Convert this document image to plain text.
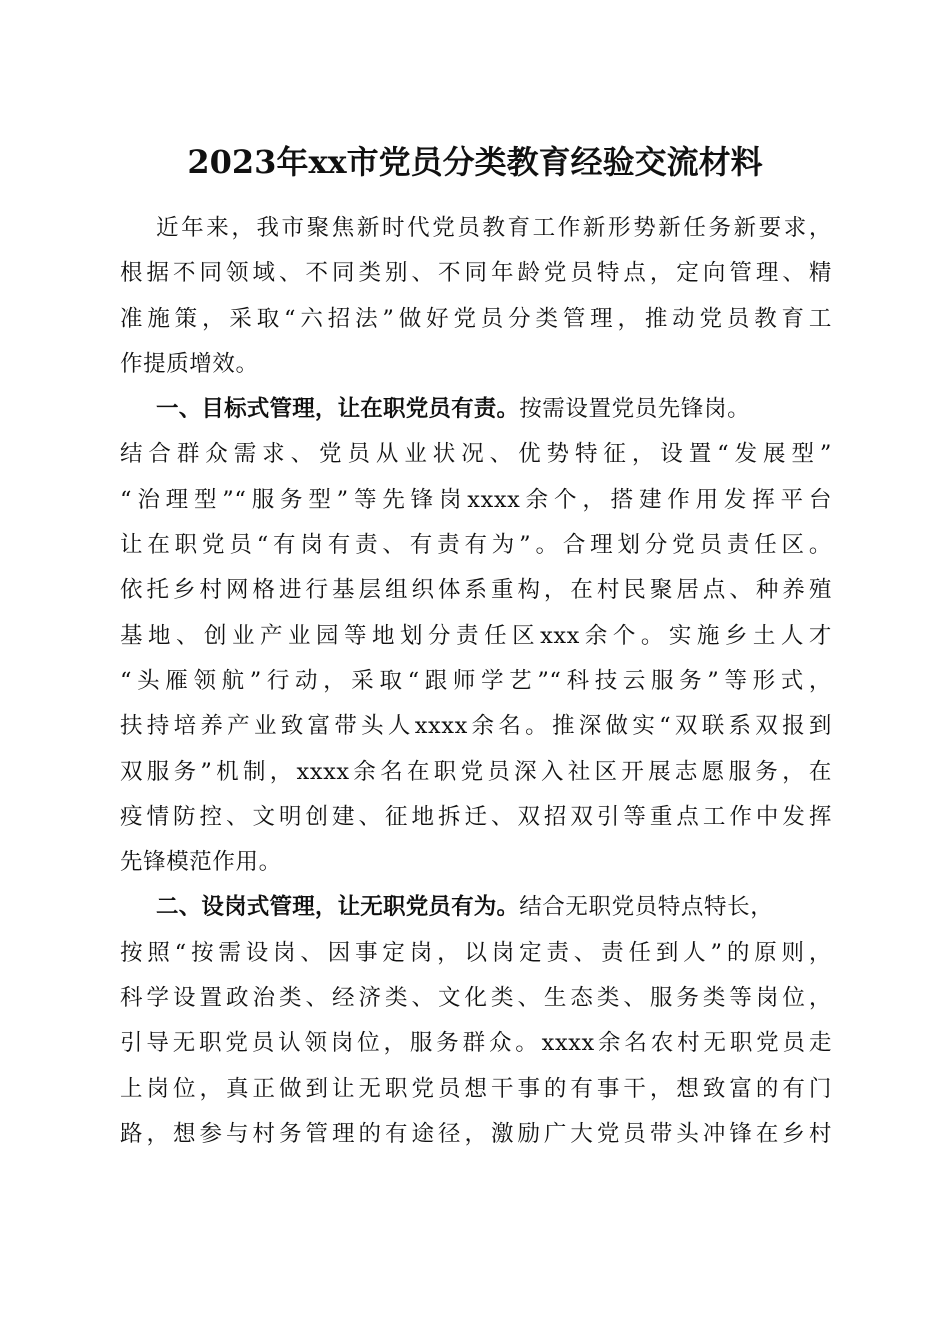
2023年xx市党员分类教育经验交流材料
近年来，我市聚焦新时代党员教育工作新形势新任务新要求，
根据不同领域、不同类别、不同年龄党员特点，定向管理、精
准施策，采取“六招法”做好党员分类管理，推动党员教育工
作提质增效。
一、目标式管理，让在职党员有责。按需设置党员先锋岗。
结合群众需求、党员从业状况、优势特征，设置“发展型”
“治理型”“服务型”等先锋岗xxxx余个，搭建作用发挥平台
让在职党员“有岗有责、有责有为”。合理划分党员责任区。
依托乡村网格进行基层组织体系重构，在村民聚居点、种养殖
基地、创业产业园等地划分责任区xxx余个。实施乡土人才
“头雁领航”行动，采取“跟师学艺”“科技云服务”等形式，
扶持培养产业致富带头人xxxx余名。推深做实“双联系双报到
双服务”机制，xxxx余名在职党员深入社区开展志愿服务，在
疫情防控、文明创建、征地拆迁、双招双引等重点工作中发挥
先锋模范作用。
二、设岗式管理，让无职党员有为。结合无职党员特点特长，
按照“按需设岗、因事定岗，以岗定责、责任到人”的原则，
科学设置政治类、经济类、文化类、生态类、服务类等岗位，
引导无职党员认领岗位，服务群众。xxxx余名农村无职党员走
上岗位，真正做到让无职党员想干事的有事干，想致富的有门
路，想参与村务管理的有途径，激励广大党员带头冲锋在乡村
